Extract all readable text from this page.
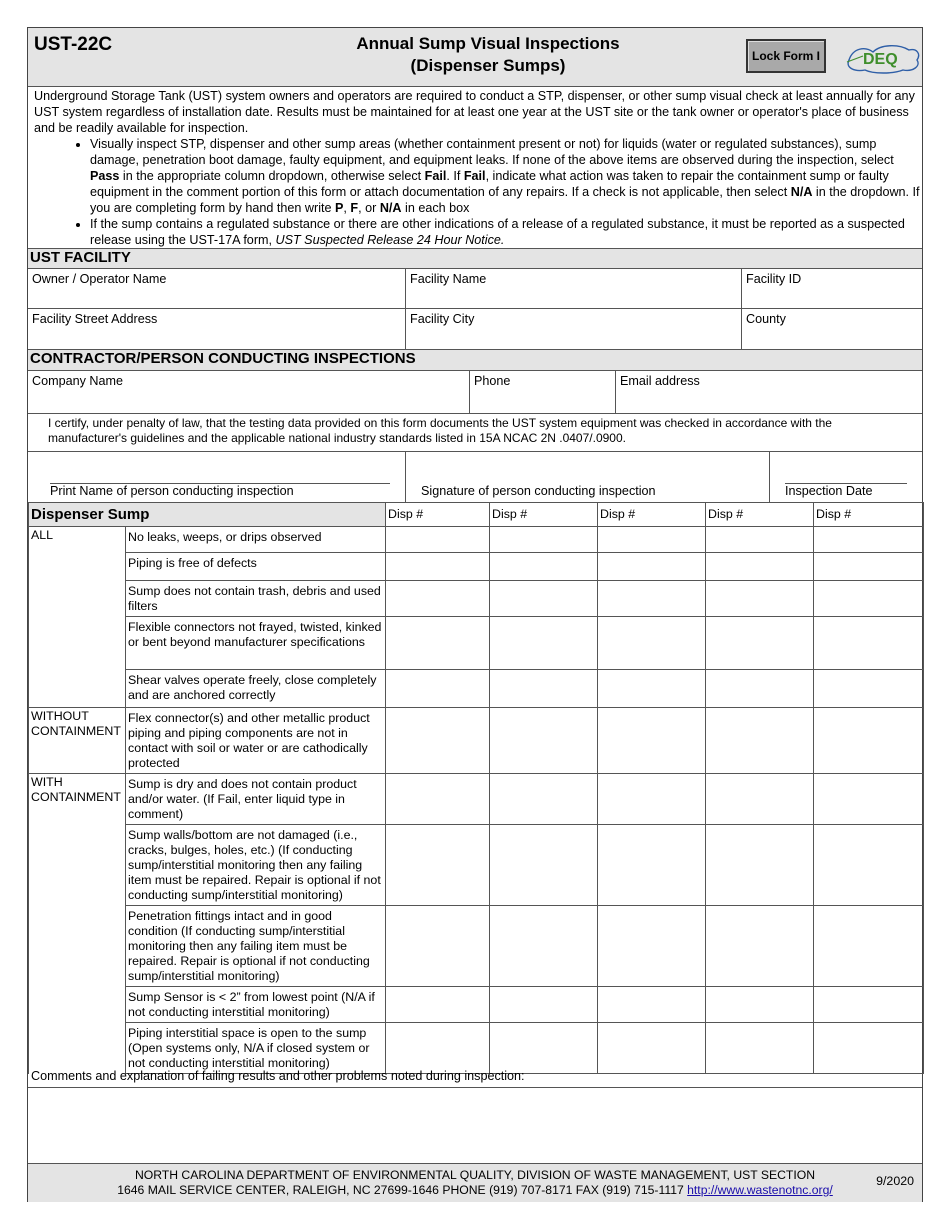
UST-22C	Annual Sump Visual Inspections
(Dispenser Sumps)	Lock Form I	DEQ

Underground Storage Tank (UST) system owners and operators are required to conduct a STP, dispenser, or other sump visual check at least annually for any UST system regardless of installation date. Results must be maintained for at least one year at the UST site or the tank owner or operator's place of business and be readily available for inspection.

• Visually inspect STP, dispenser and other sump areas (whether containment present or not) for liquids (water or regulated substances), sump damage, penetration boot damage, faulty equipment, and equipment leaks. If none of the above items are observed during the inspection, select Pass in the appropriate column dropdown, otherwise select Fail. If Fail, indicate what action was taken to repair the containment sump or faulty equipment in the comment portion of this form or attach documentation of any repairs. If a check is not applicable, then select N/A in the dropdown. If you are completing form by hand then write P, F, or N/A in each box
• If the sump contains a regulated substance or there are other indications of a release of a regulated substance, it must be reported as a suspected release using the UST-17A form, UST Suspected Release 24 Hour Notice.
UST FACILITY
Owner / Operator Name	Facility Name	Facility ID
Facility Street Address	Facility City	County
CONTRACTOR/PERSON CONDUCTING INSPECTIONS
Company Name	Phone	Email address
I certify, under penalty of law, that the testing data provided on this form documents the UST system equipment was checked in accordance with the manufacturer's guidelines and the applicable national industry standards listed in 15A NCAC 2N .0407/.0900.
Print Name of person conducting inspection	Signature of person conducting inspection	Inspection Date
Dispenser Sump		Disp #	Disp #	Disp #	Disp #	Disp #
ALL	No leaks, weeps, or drips observed					
	Piping is free of defects					
	Sump does not contain trash, debris and used filters					
	Flexible connectors not frayed, twisted, kinked or bent beyond manufacturer specifications					
	Shear valves operate freely, close completely and are anchored correctly					
WITHOUT
CONTAINMENT	Flex connector(s) and other metallic product piping and piping components are not in contact with soil or water or are cathodically protected					
WITH
CONTAINMENT	Sump is dry and does not contain product and/or water. (If Fail, enter liquid type in comment)					
	Sump walls/bottom are not damaged (i.e., cracks, bulges, holes, etc.) (If conducting sump/interstitial monitoring then any failing item must be repaired. Repair is optional if not conducting sump/interstitial monitoring)					
	Penetration fittings intact and in good condition (If conducting sump/interstitial monitoring then any failing item must be repaired. Repair is optional if not conducting sump/interstitial monitoring)					
	Sump Sensor is < 2” from lowest point (N/A if not conducting interstitial monitoring)					
	Piping interstitial space is open to the sump (Open systems only, N/A if closed system or not conducting interstitial monitoring)					
Comments and explanation of failing results and other problems noted during inspection:
NORTH CAROLINA DEPARTMENT OF ENVIRONMENTAL QUALITY, DIVISION OF WASTE MANAGEMENT, UST SECTION
1646 MAIL SERVICE CENTER, RALEIGH, NC 27699-1646 PHONE (919) 707-8171 FAX (919) 715-1117 http://www.wastenotnc.org/
9/2020
